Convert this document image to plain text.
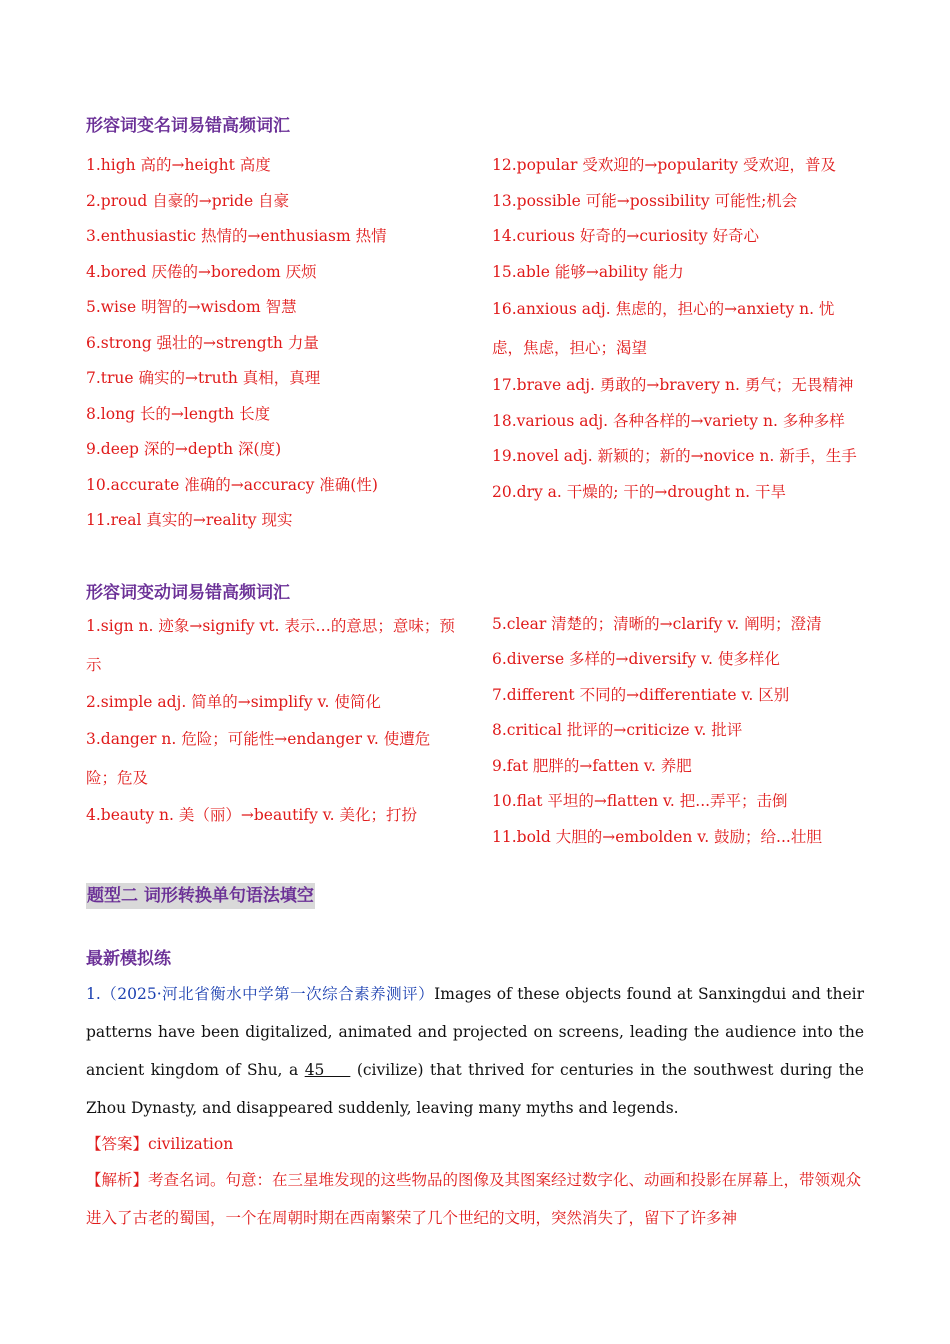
形容词变名词易错高频词汇
1.high 高的→height 高度
2.proud 自豪的→pride 自豪
3.enthusiastic 热情的→enthusiasm 热情
4.bored 厌倦的→boredom 厌烦
5.wise 明智的→wisdom 智慧
6.strong 强壮的→strength 力量
7.true 确实的→truth 真相，真理
8.long 长的→length 长度
9.deep 深的→depth 深(度)
10.accurate 准确的→accuracy 准确(性)
11.real 真实的→reality 现实
12.popular 受欢迎的→popularity 受欢迎，普及
13.possible 可能→possibility 可能性;机会
14.curious 好奇的→curiosity 好奇心
15.able 能够→ability 能力
16.anxious adj. 焦虑的，担心的→anxiety n. 忧虑，焦虑，担心；渴望
17.brave adj. 勇敢的→bravery n. 勇气；无畏精神
18.various adj. 各种各样的→variety n. 多种多样
19.novel adj. 新颖的；新的→novice n. 新手，生手
20.dry a. 干燥的; 干的→drought n. 干旱
形容词变动词易错高频词汇
1.sign n. 迹象→signify vt. 表示…的意思；意味；预示
2.simple adj. 简单的→simplify v. 使简化
3.danger n. 危险；可能性→endanger v. 使遭危险；危及
4.beauty n. 美（丽）→beautify v. 美化；打扮
5.clear 清楚的；清晰的→clarify v. 阐明；澄清
6.diverse 多样的→diversify v. 使多样化
7.different 不同的→differentiate v. 区别
8.critical 批评的→criticize v. 批评
9.fat 肥胖的→fatten v. 养肥
10.flat 平坦的→flatten v. 把...弄平；击倒
11.bold 大胆的→embolden v. 鼓励；给...壮胆
题型二 词形转换单句语法填空
最新模拟练
1.（2025·河北省衡水中学第一次综合素养测评）Images of these objects found at Sanxingdui and their patterns have been digitalized, animated and projected on screens, leading the audience into the ancient kingdom of Shu, a 45     (civilize) that thrived for centuries in the southwest during the Zhou Dynasty, and disappeared suddenly, leaving many myths and legends.
【答案】civilization
【解析】考查名词。句意：在三星堆发现的这些物品的图像及其图案经过数字化、动画和投影在屏幕上，带领观众进入了古老的蜀国，一个在周朝时期在西南繁荣了几个世纪的文明，突然消失了，留下了许多神
